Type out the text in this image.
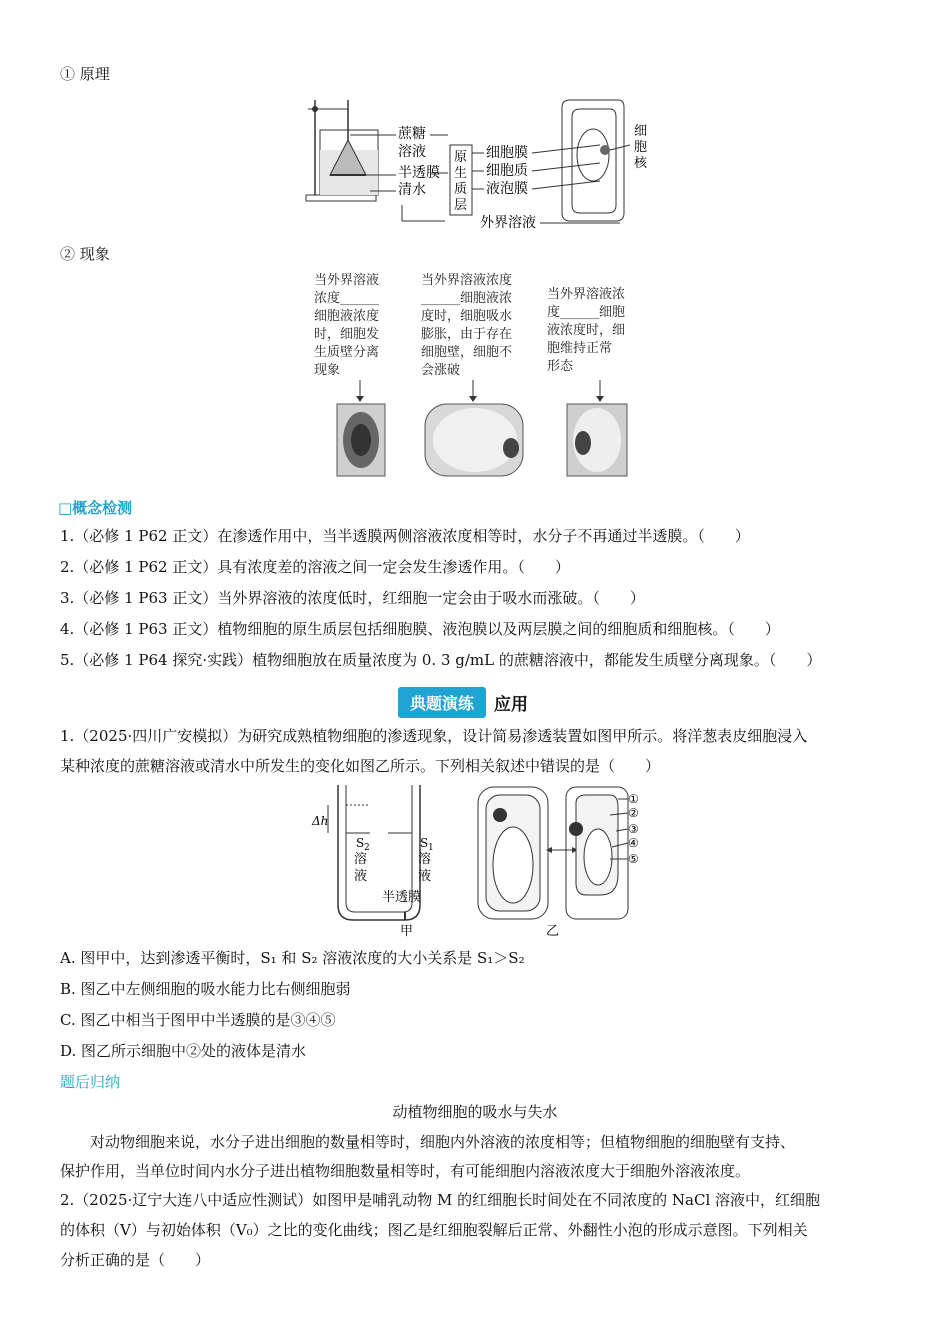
① 原理
蔗糖
溶液
半透膜
清水
原
生
质
层
细胞膜
细胞质
液泡膜
外界溶液
细
胞
核
② 现象
当外界溶液
浓度______
细胞液浓度
时，细胞发
生质壁分离
现象
当外界溶液浓度
______细胞液浓
度时，细胞吸水
膨胀，由于存在
细胞壁，细胞不
会涨破
当外界溶液浓
度______细胞
液浓度时，细
胞维持正常
形态
□概念检测
1.（必修 1 P62 正文）在渗透作用中，当半透膜两侧溶液浓度相等时，水分子不再通过半透膜。（　　）
2.（必修 1 P62 正文）具有浓度差的溶液之间一定会发生渗透作用。（　　）
3.（必修 1 P63 正文）当外界溶液的浓度低时，红细胞一定会由于吸水而涨破。（　　）
4.（必修 1 P63 正文）植物细胞的原生质层包括细胞膜、液泡膜以及两层膜之间的细胞质和细胞核。（　　）
5.（必修 1 P64 探究·实践）植物细胞放在质量浓度为 0. 3 g/mL 的蔗糖溶液中，都能发生质壁分离现象。（　　）
典题演练	应用
1.（2025·四川广安模拟）为研究成熟植物细胞的渗透现象，设计简易渗透装置如图甲所示。将洋葱表皮细胞浸入
某种浓度的蔗糖溶液或清水中所发生的变化如图乙所示。下列相关叙述中错误的是（　　）
Δh
S 2
溶
液
S 1
溶
液
半透膜
甲
①
②
③
④
⑤
乙
A. 图甲中，达到渗透平衡时，S₁ 和 S₂ 溶液浓度的大小关系是 S₁＞S₂
B. 图乙中左侧细胞的吸水能力比右侧细胞弱
C. 图乙中相当于图甲中半透膜的是③④⑤
D. 图乙所示细胞中②处的液体是清水
题后归纳
动植物细胞的吸水与失水
对动物细胞来说，水分子进出细胞的数量相等时，细胞内外溶液的浓度相等；但植物细胞的细胞壁有支持、
保护作用，当单位时间内水分子进出植物细胞数量相等时，有可能细胞内溶液浓度大于细胞外溶液浓度。
2.（2025·辽宁大连八中适应性测试）如图甲是哺乳动物 M 的红细胞长时间处在不同浓度的 NaCl 溶液中，红细胞
的体积（V）与初始体积（V₀）之比的变化曲线；图乙是红细胞裂解后正常、外翻性小泡的形成示意图。下列相关
分析正确的是（　　）
